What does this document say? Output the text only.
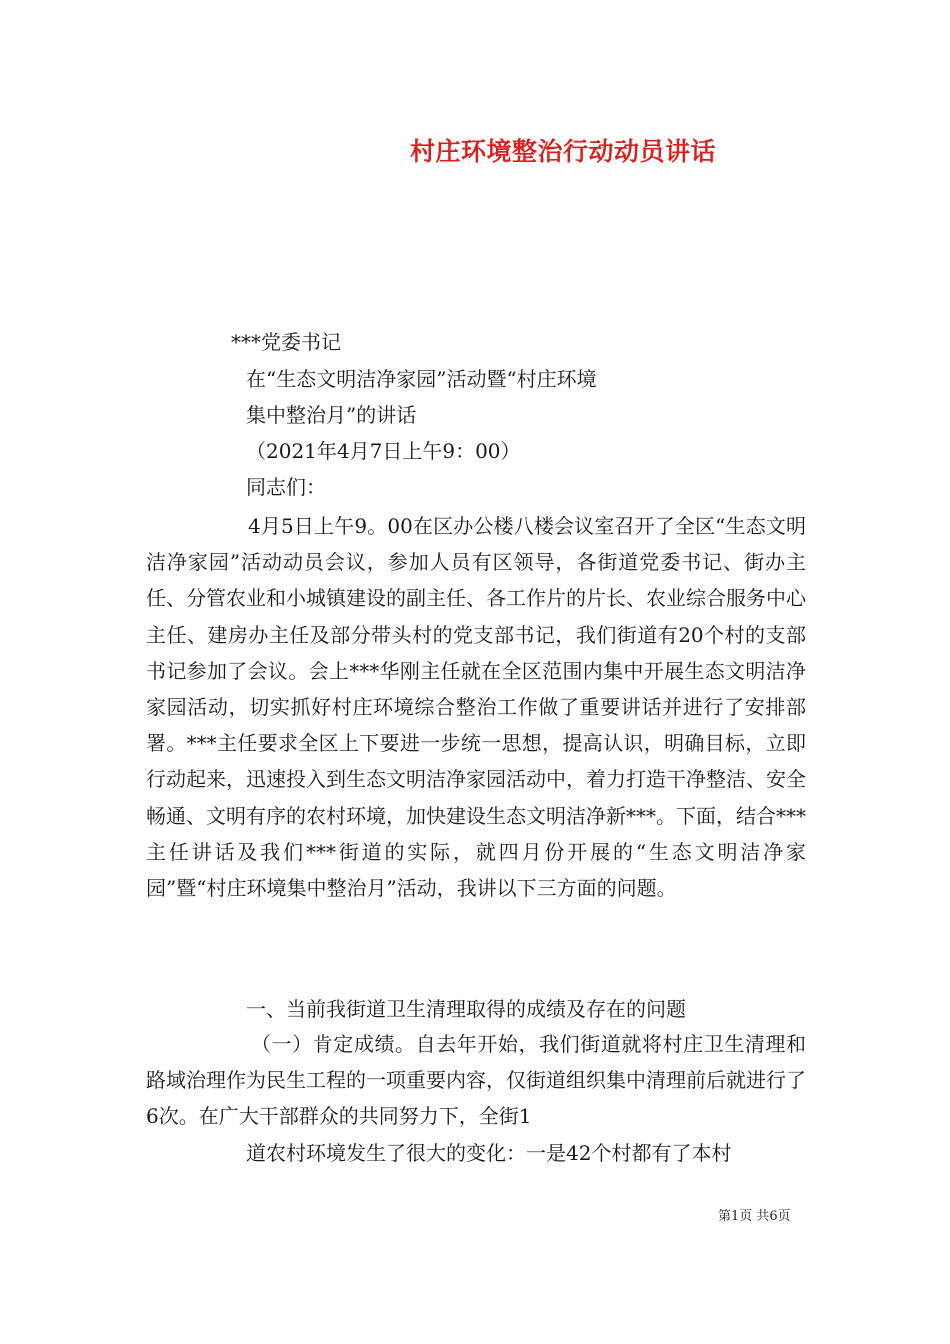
村庄环境整治行动动员讲话
***党委书记
在“生态文明洁净家园”活动暨“村庄环境
集中整治月”的讲话
（2021年4月7日上午9：00）
同志们：
4月5日上午9。00在区办公楼八楼会议室召开了全区“生态文明洁净家园”活动动员会议，参加人员有区领导，各街道党委书记、街办主任、分管农业和小城镇建设的副主任、各工作片的片长、农业综合服务中心主任、建房办主任及部分带头村的党支部书记，我们街道有20个村的支部书记参加了会议。会上***华刚主任就在全区范围内集中开展生态文明洁净家园活动，切实抓好村庄环境综合整治工作做了重要讲话并进行了安排部署。***主任要求全区上下要进一步统一思想，提高认识，明确目标，立即行动起来，迅速投入到生态文明洁净家园活动中，着力打造干净整洁、安全畅通、文明有序的农村环境，加快建设生态文明洁净新***。下面，结合***主任讲话及我们***街道的实际，就四月份开展的“生态文明洁净家园”暨“村庄环境集中整治月”活动，我讲以下三方面的问题。
一、当前我街道卫生清理取得的成绩及存在的问题
（一）肯定成绩。自去年开始，我们街道就将村庄卫生清理和路域治理作为民生工程的一项重要内容，仅街道组织集中清理前后就进行了6次。在广大干部群众的共同努力下，全街1
道农村环境发生了很大的变化：一是42个村都有了本村
第1页 共6页
